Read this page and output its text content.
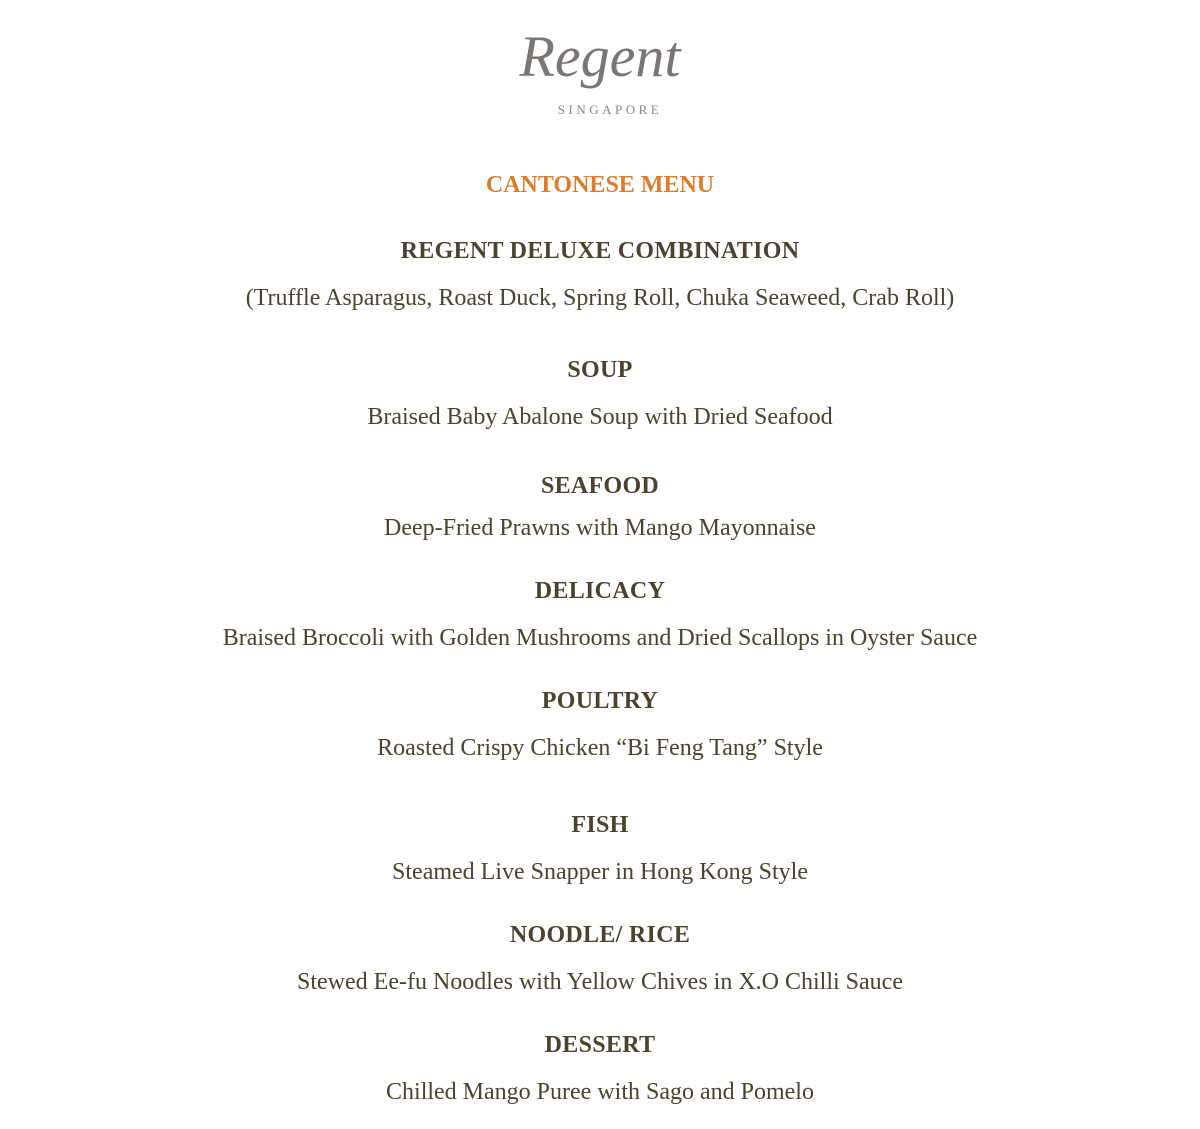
Regent
SINGAPORE
CANTONESE MENU
REGENT DELUXE COMBINATION
(Truffle Asparagus, Roast Duck, Spring Roll, Chuka Seaweed, Crab Roll)
SOUP
Braised Baby Abalone Soup with Dried Seafood
SEAFOOD
Deep-Fried Prawns with Mango Mayonnaise
DELICACY
Braised Broccoli with Golden Mushrooms and Dried Scallops in Oyster Sauce
POULTRY
Roasted Crispy Chicken “Bi Feng Tang” Style
FISH
Steamed Live Snapper in Hong Kong Style
NOODLE/ RICE
Stewed Ee-fu Noodles with Yellow Chives in X.O Chilli Sauce
DESSERT
Chilled Mango Puree with Sago and Pomelo
